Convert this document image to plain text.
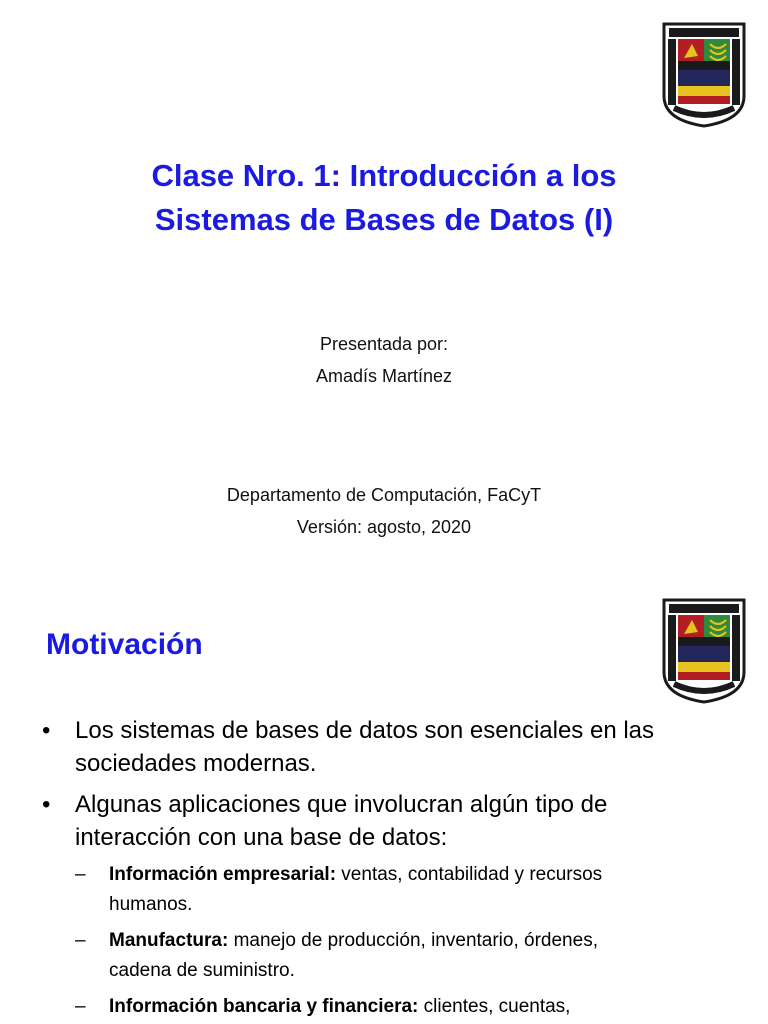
Clase Nro. 1: Introducción a los
Sistemas de Bases de Datos (I)

Presentada por:

Amadís Martínez

Departamento de Computación, FaCyT

Versión: agosto, 2020

Motivación
• Los sistemas de bases de datos son esenciales en las
sociedades modernas.
• Algunas aplicaciones que involucran algún tipo de
interacción con una base de datos:
– Información empresarial: ventas, contabilidad y recursos
humanos.
– Manufactura: manejo de producción, inventario, órdenes,
cadena de suministro.
– Información bancaria y financiera: clientes, cuentas,
